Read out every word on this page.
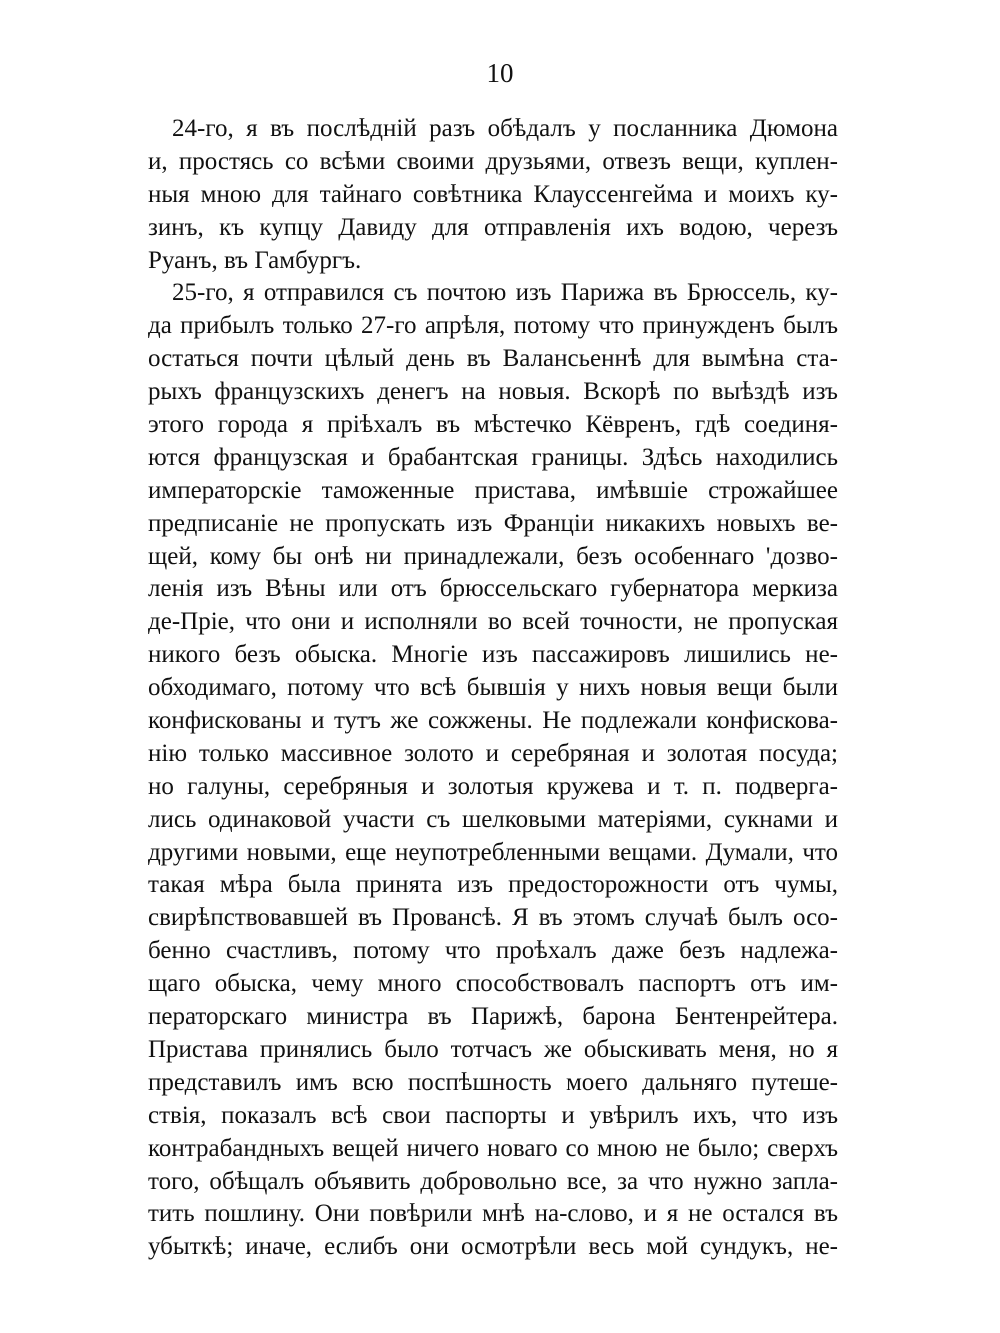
10
24-го, я въ послѣдній разъ обѣдалъ у посланника Дюмона
и, простясь со всѣми своими друзьями, отвезъ вещи, куплен-
ныя мною для тайнаго совѣтника Клауссенгейма и моихъ ку-
зинъ, къ купцу Давиду для отправленія ихъ водою, черезъ
Руанъ, въ Гамбургъ.
25-го, я отправился съ почтою изъ Парижа въ Брюссель, ку-
да прибылъ только 27-го апрѣля, потому что принужденъ былъ
остаться почти цѣлый день въ Валансьеннѣ для вымѣна ста-
рыхъ французскихъ денегъ на новыя. Вскорѣ по выѣздѣ изъ
этого города я пріѣхалъ въ мѣстечко Кёвренъ, гдѣ соединя-
ются французская и брабантская границы. Здѣсь находились
императорскіе таможенные пристава, имѣвшіе строжайшее
предписаніе не пропускать изъ Франціи никакихъ новыхъ ве-
щей, кому бы онѣ ни принадлежали, безъ особеннаго 'дозво-
ленія изъ Вѣны или отъ брюссельскаго губернатора меркиза
де-Пріе, что они и исполняли во всей точности, не пропуская
никого безъ обыска. Многіе изъ пассажировъ лишились не-
обходимаго, потому что всѣ бывшія у нихъ новыя вещи были
конфискованы и тутъ же сожжены. Не подлежали конфискова-
нію только массивное золото и серебряная и золотая посуда;
но галуны, серебряныя и золотыя кружева и т. п. подверга-
лись одинаковой участи съ шелковыми матеріями, сукнами и
другими новыми, еще неупотребленными вещами. Думали, что
такая мѣра была принята изъ предосторожности отъ чумы,
свирѣпствовавшей въ Провансѣ. Я въ этомъ случаѣ былъ осо-
бенно счастливъ, потому что проѣхалъ даже безъ надлежа-
щаго обыска, чему много способствовалъ паспортъ отъ им-
ператорскаго министра въ Парижѣ, барона Бентенрейтера.
Пристава принялись было тотчасъ же обыскивать меня, но я
представилъ имъ всю поспѣшность моего дальняго путеше-
ствія, показалъ всѣ свои паспорты и увѣрилъ ихъ, что изъ
контрабандныхъ вещей ничего новаго со мною не было; сверхъ
того, обѣщалъ объявить добровольно все, за что нужно запла-
тить пошлину. Они повѣрили мнѣ на-слово, и я не остался въ
убыткѣ; иначе, еслибъ они осмотрѣли весь мой сундукъ, не-
